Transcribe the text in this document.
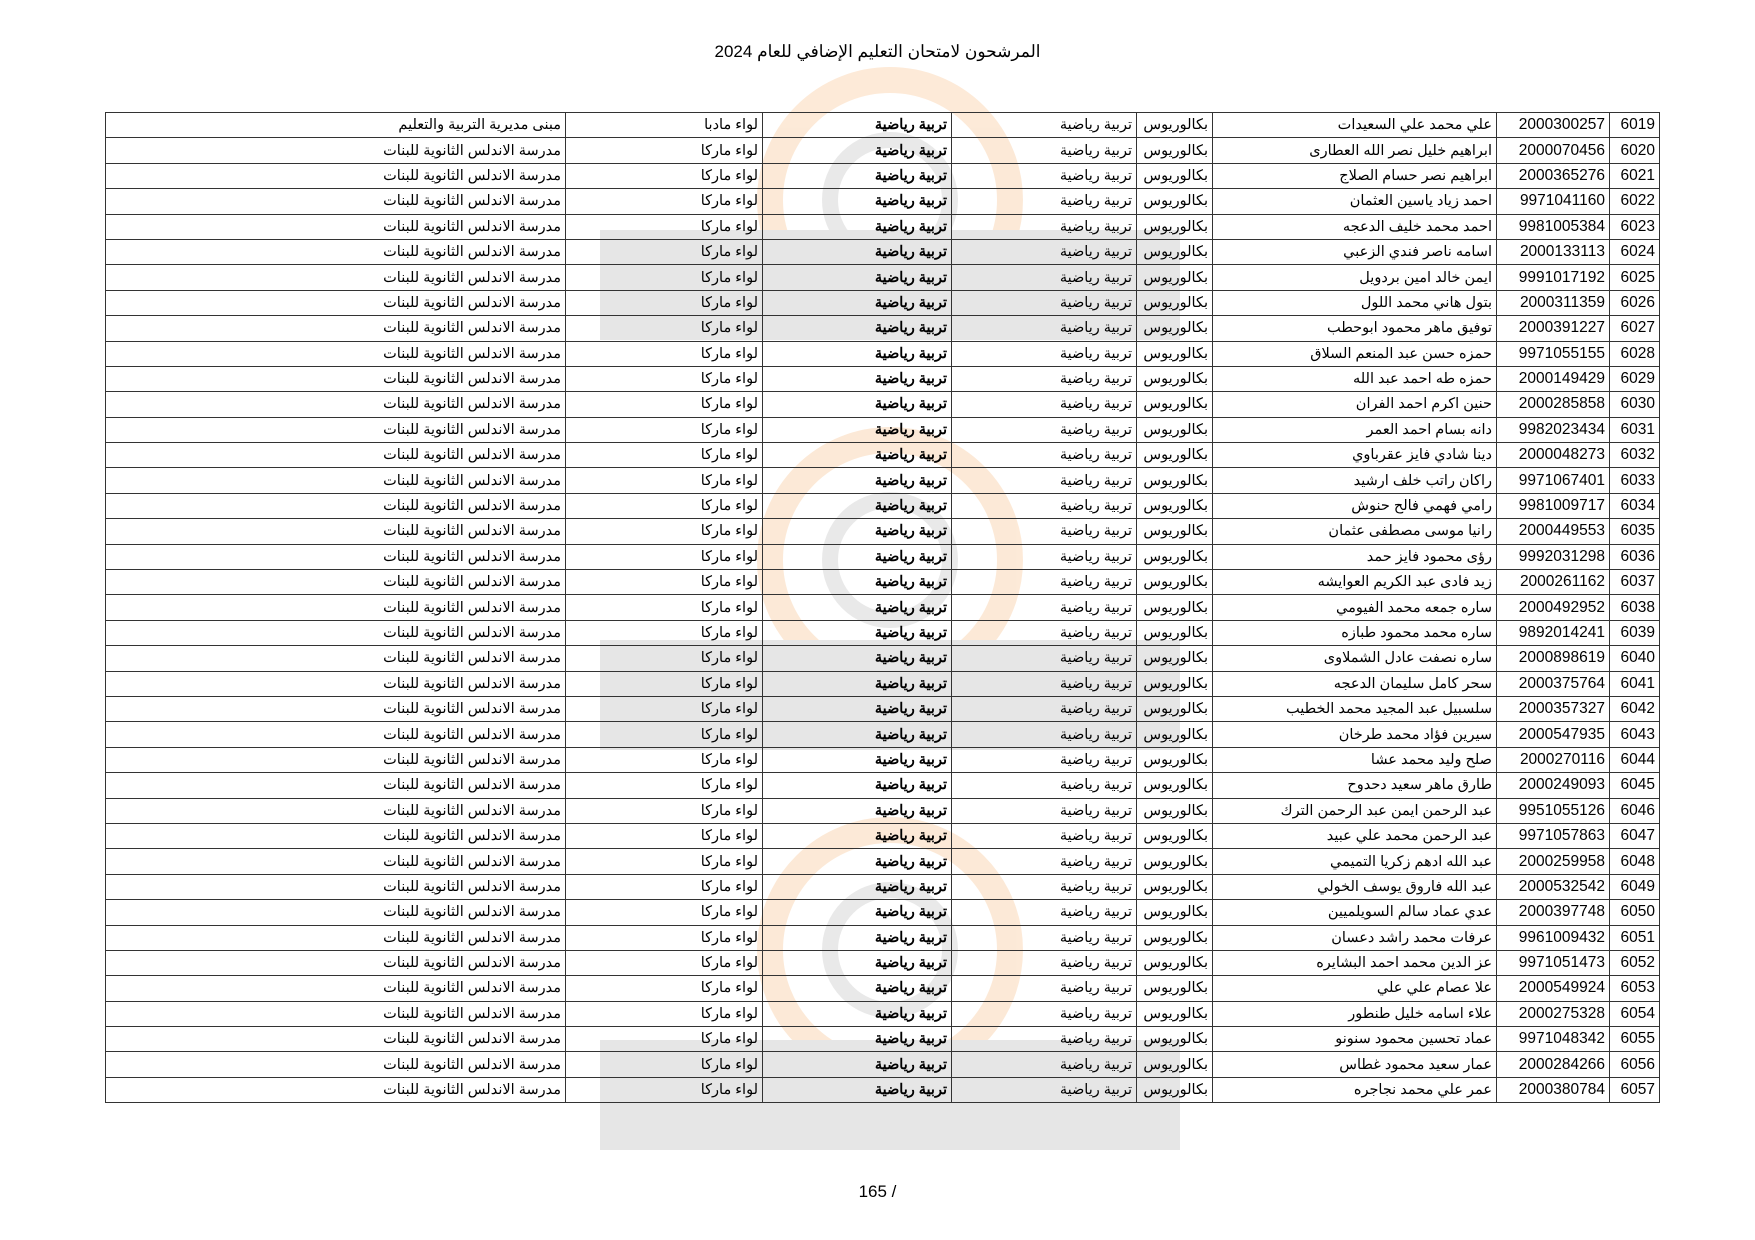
المرشحون لامتحان التعليم الإضافي للعام 2024
6019	2000300257	علي محمد علي السعيدات	بكالوريوس	تربية رياضية	تربية رياضية	لواء مادبا	مبنى مديرية التربية والتعليم
6020	2000070456	ابراهيم خليل نصر الله العطارى	بكالوريوس	تربية رياضية	تربية رياضية	لواء ماركا	مدرسة الاندلس الثانوية للبنات
6021	2000365276	ابراهيم نصر حسام الصلاج	بكالوريوس	تربية رياضية	تربية رياضية	لواء ماركا	مدرسة الاندلس الثانوية للبنات
6022	9971041160	احمد زياد ياسين العثمان	بكالوريوس	تربية رياضية	تربية رياضية	لواء ماركا	مدرسة الاندلس الثانوية للبنات
6023	9981005384	احمد محمد خليف الدعجه	بكالوريوس	تربية رياضية	تربية رياضية	لواء ماركا	مدرسة الاندلس الثانوية للبنات
6024	2000133113	اسامه ناصر فندي الزعبي	بكالوريوس	تربية رياضية	تربية رياضية	لواء ماركا	مدرسة الاندلس الثانوية للبنات
6025	9991017192	ايمن خالد امين بردويل	بكالوريوس	تربية رياضية	تربية رياضية	لواء ماركا	مدرسة الاندلس الثانوية للبنات
6026	2000311359	بتول هاني محمد اللول	بكالوريوس	تربية رياضية	تربية رياضية	لواء ماركا	مدرسة الاندلس الثانوية للبنات
6027	2000391227	توفيق ماهر محمود ابوحطب	بكالوريوس	تربية رياضية	تربية رياضية	لواء ماركا	مدرسة الاندلس الثانوية للبنات
6028	9971055155	حمزه حسن عبد المنعم السلاق	بكالوريوس	تربية رياضية	تربية رياضية	لواء ماركا	مدرسة الاندلس الثانوية للبنات
6029	2000149429	حمزه طه احمد عبد الله	بكالوريوس	تربية رياضية	تربية رياضية	لواء ماركا	مدرسة الاندلس الثانوية للبنات
6030	2000285858	حنين اكرم احمد الفران	بكالوريوس	تربية رياضية	تربية رياضية	لواء ماركا	مدرسة الاندلس الثانوية للبنات
6031	9982023434	دانه بسام احمد العمر	بكالوريوس	تربية رياضية	تربية رياضية	لواء ماركا	مدرسة الاندلس الثانوية للبنات
6032	2000048273	دينا شادي فايز عقرباوي	بكالوريوس	تربية رياضية	تربية رياضية	لواء ماركا	مدرسة الاندلس الثانوية للبنات
6033	9971067401	راكان راتب خلف ارشيد	بكالوريوس	تربية رياضية	تربية رياضية	لواء ماركا	مدرسة الاندلس الثانوية للبنات
6034	9981009717	رامي فهمي فالح حنوش	بكالوريوس	تربية رياضية	تربية رياضية	لواء ماركا	مدرسة الاندلس الثانوية للبنات
6035	2000449553	رانيا موسى مصطفى عثمان	بكالوريوس	تربية رياضية	تربية رياضية	لواء ماركا	مدرسة الاندلس الثانوية للبنات
6036	9992031298	رؤى محمود فايز حمد	بكالوريوس	تربية رياضية	تربية رياضية	لواء ماركا	مدرسة الاندلس الثانوية للبنات
6037	2000261162	زيد فادى عبد الكريم العوايشه	بكالوريوس	تربية رياضية	تربية رياضية	لواء ماركا	مدرسة الاندلس الثانوية للبنات
6038	2000492952	ساره جمعه محمد الفيومي	بكالوريوس	تربية رياضية	تربية رياضية	لواء ماركا	مدرسة الاندلس الثانوية للبنات
6039	9892014241	ساره محمد محمود طبازه	بكالوريوس	تربية رياضية	تربية رياضية	لواء ماركا	مدرسة الاندلس الثانوية للبنات
6040	2000898619	ساره نصفت عادل الشملاوى	بكالوريوس	تربية رياضية	تربية رياضية	لواء ماركا	مدرسة الاندلس الثانوية للبنات
6041	2000375764	سحر كامل سليمان الدعجه	بكالوريوس	تربية رياضية	تربية رياضية	لواء ماركا	مدرسة الاندلس الثانوية للبنات
6042	2000357327	سلسبيل عبد المجيد محمد الخطيب	بكالوريوس	تربية رياضية	تربية رياضية	لواء ماركا	مدرسة الاندلس الثانوية للبنات
6043	2000547935	سيرين فؤاد محمد طرخان	بكالوريوس	تربية رياضية	تربية رياضية	لواء ماركا	مدرسة الاندلس الثانوية للبنات
6044	2000270116	صلح وليد محمد عشا	بكالوريوس	تربية رياضية	تربية رياضية	لواء ماركا	مدرسة الاندلس الثانوية للبنات
6045	2000249093	طارق ماهر سعيد دحدوح	بكالوريوس	تربية رياضية	تربية رياضية	لواء ماركا	مدرسة الاندلس الثانوية للبنات
6046	9951055126	عبد الرحمن ايمن عبد الرحمن الترك	بكالوريوس	تربية رياضية	تربية رياضية	لواء ماركا	مدرسة الاندلس الثانوية للبنات
6047	9971057863	عبد الرحمن محمد علي عبيد	بكالوريوس	تربية رياضية	تربية رياضية	لواء ماركا	مدرسة الاندلس الثانوية للبنات
6048	2000259958	عبد الله ادهم زكريا التميمي	بكالوريوس	تربية رياضية	تربية رياضية	لواء ماركا	مدرسة الاندلس الثانوية للبنات
6049	2000532542	عبد الله فاروق يوسف الخولي	بكالوريوس	تربية رياضية	تربية رياضية	لواء ماركا	مدرسة الاندلس الثانوية للبنات
6050	2000397748	عدي عماد سالم السويلميين	بكالوريوس	تربية رياضية	تربية رياضية	لواء ماركا	مدرسة الاندلس الثانوية للبنات
6051	9961009432	عرفات محمد راشد دعسان	بكالوريوس	تربية رياضية	تربية رياضية	لواء ماركا	مدرسة الاندلس الثانوية للبنات
6052	9971051473	عز الدين محمد احمد البشايره	بكالوريوس	تربية رياضية	تربية رياضية	لواء ماركا	مدرسة الاندلس الثانوية للبنات
6053	2000549924	علا عصام علي علي	بكالوريوس	تربية رياضية	تربية رياضية	لواء ماركا	مدرسة الاندلس الثانوية للبنات
6054	2000275328	علاء اسامه خليل طنطور	بكالوريوس	تربية رياضية	تربية رياضية	لواء ماركا	مدرسة الاندلس الثانوية للبنات
6055	9971048342	عماد تحسين محمود سنونو	بكالوريوس	تربية رياضية	تربية رياضية	لواء ماركا	مدرسة الاندلس الثانوية للبنات
6056	2000284266	عمار سعيد محمود غطاس	بكالوريوس	تربية رياضية	تربية رياضية	لواء ماركا	مدرسة الاندلس الثانوية للبنات
6057	2000380784	عمر علي محمد نجاجره	بكالوريوس	تربية رياضية	تربية رياضية	لواء ماركا	مدرسة الاندلس الثانوية للبنات
165 /
